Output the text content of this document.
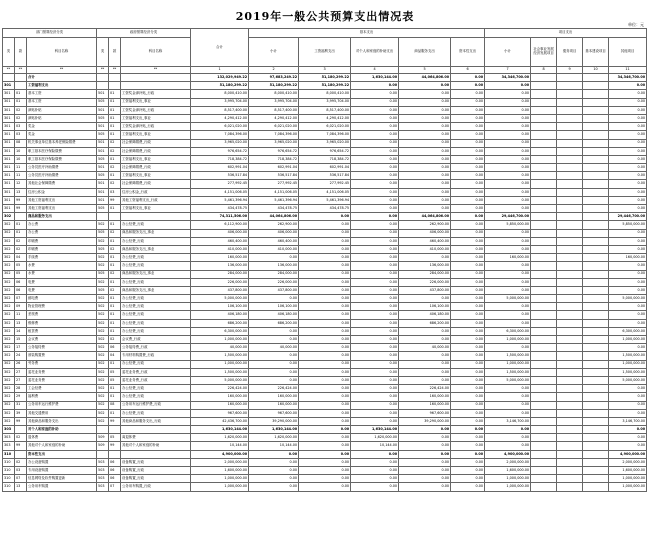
2019年一般公共预算支出情况表
单位：元
部门预算经济分类			政府预算经济分类			合计	基本支出					项目支出				
类	款	科目名称	类	款	科目名称		小计	工资福利支出	对个人和家庭的补助支出	商品服务支出	资本性支出	小计	社会事业发展经济发展项目	债务项目	基本建设项目	其他项目
**	**	**	**	**	**	1	2	3	4	5	6	7	8	9	10	11
		合计				132,029,949.22	97,683,249.22	51,180,299.22	1,630,144.00	44,064,806.00	0.00	34,346,700.00				34,346,700.00
301		工资福利支出				51,180,299.22	51,180,299.22	51,180,299.22	0.00	0.00	0.00	0.00				0.00
301	01	基本工资	501	01	工资奖金津补贴_行政	8,000,410.00	8,000,410.00	8,000,410.00	0.00	0.00	0.00	0.00				0.00
301	01	基本工资	505	01	工资福利支出_事业	3,995,704.00	3,995,704.00	3,995,704.00	0.00	0.00	0.00	0.00				0.00
301	02	津贴补贴	501	01	工资奖金津补贴_行政	8,517,400.00	8,517,400.00	8,517,400.00	0.00	0.00	0.00	0.00				0.00
301	02	津贴补贴	505	01	工资福利支出_事业	4,290,412.00	4,290,412.00	4,290,412.00	0.00	0.00	0.00	0.00				0.00
301	03	奖金	501	01	工资奖金津补贴_行政	6,021,020.00	6,021,020.00	6,021,020.00	0.00	0.00	0.00	0.00				0.00
301	03	奖金	505	01	工资福利支出_事业	7,084,396.00	7,084,396.00	7,084,396.00	0.00	0.00	0.00	0.00				0.00
301	08	机关事业单位基本养老保险缴费	501	02	社会保障缴费_行政	3,965,020.00	3,965,020.00	3,965,020.00	0.00	0.00	0.00	0.00				0.00
301	10	职工基本医疗保险缴费	501	02	社会保障缴费_行政	976,654.72	976,654.72	976,654.72	0.00	0.00	0.00	0.00				0.00
301	10	职工基本医疗保险缴费	505	01	工资福利支出_事业	718,384.72	718,384.72	718,384.72	0.00	0.00	0.00	0.00				0.00
301	11	公务员医疗补助缴费	501	02	社会保障缴费_行政	602,991.04	602,991.04	602,991.04	0.00	0.00	0.00	0.00				0.00
301	11	公务员医疗补助缴费	505	01	工资福利支出_事业	536,517.84	536,517.84	536,517.84	0.00	0.00	0.00	0.00				0.00
301	12	其他社会保障缴费	501	02	社会保障缴费_行政	277,992.45	277,992.45	277,992.45	0.00	0.00	0.00	0.00				0.00
301	13	住房公积金	501	03	住房公积金_行政	4,151,006.05	4,151,006.05	4,151,006.05	0.00	0.00	0.00	0.00				0.00
301	99	其他工资福利支出	501	99	其他工资福利支出_行政	5,461,396.94	5,461,396.94	5,461,396.94	0.00	0.00	0.00	0.00				0.00
301	99	其他工资福利支出	505	01	工资福利支出_事业	434,478.75	434,478.75	434,478.75	0.00	0.00	0.00	0.00				0.00
302		商品和服务支出				74,311,506.00	44,064,806.00	0.00	0.00	44,064,806.00	0.00	29,446,700.00				29,446,700.00
302	01	办公费	502	01	办公经费_行政	6,112,900.00	262,900.00	0.00	0.00	262,900.00	0.00	5,850,000.00				5,850,000.00
302	01	办公费	505	02	商品和服务支出_事业	406,000.00	406,000.00	0.00	0.00	406,000.00	0.00	0.00				0.00
302	02	印刷费	502	01	办公经费_行政	460,400.00	460,400.00	0.00	0.00	460,400.00	0.00	0.00				0.00
302	02	印刷费	505	02	商品和服务支出_事业	410,000.00	410,000.00	0.00	0.00	410,000.00	0.00	0.00				0.00
302	04	手续费	502	01	办公经费_行政	160,000.00	0.00	0.00	0.00	0.00	0.00	160,000.00				160,000.00
302	05	水费	502	01	办公经费_行政	136,000.00	136,000.00	0.00	0.00	136,000.00	0.00	0.00				0.00
302	05	水费	505	02	商品和服务支出_事业	284,000.00	284,000.00	0.00	0.00	284,000.00	0.00	0.00				0.00
302	06	电费	502	01	办公经费_行政	226,000.00	226,000.00	0.00	0.00	226,000.00	0.00	0.00				0.00
302	06	电费	505	02	商品和服务支出_事业	437,800.00	437,800.00	0.00	0.00	437,800.00	0.00	0.00				0.00
302	07	邮电费	502	01	办公经费_行政	5,000,000.00	0.00	0.00	0.00	0.00	0.00	5,000,000.00				5,000,000.00
302	09	物业管理费	502	01	办公经费_行政	106,100.00	106,100.00	0.00	0.00	106,100.00	0.00	0.00				0.00
302	11	差旅费	502	01	办公经费_行政	406,180.00	406,180.00	0.00	0.00	406,180.00	0.00	0.00				0.00
302	13	维修费	502	01	办公经费_行政	686,200.00	686,200.00	0.00	0.00	686,200.00	0.00	0.00				0.00
302	14	租赁费	502	01	办公经费_行政	6,300,000.00	0.00	0.00	0.00	0.00	0.00	6,300,000.00				6,300,000.00
302	15	会议费	502	02	会议费_行政	1,000,000.00	0.00	0.00	0.00	0.00	0.00	1,000,000.00				1,000,000.00
302	17	公务接待费	502	06	公务接待费_行政	40,000.00	40,000.00	0.00	0.00	40,000.00	0.00	0.00				0.00
302	24	被装购置费	502	04	专用材料购置费_行政	1,500,000.00	0.00	0.00	0.00	0.00	0.00	1,500,000.00				1,500,000.00
302	26	劳务费	502	01	办公经费_行政	1,000,000.00	0.00	0.00	0.00	0.00	0.00	1,000,000.00				1,000,000.00
302	27	委托业务费	502	05	委托业务费_行政	1,500,000.00	0.00	0.00	0.00	0.00	0.00	1,500,000.00				1,500,000.00
302	27	委托业务费	502	05	委托业务费_行政	5,000,000.00	0.00	0.00	0.00	0.00	0.00	5,000,000.00				5,000,000.00
302	28	工会经费	502	01	办公经费_行政	226,424.00	226,424.00	0.00	0.00	226,424.00	0.00	0.00				0.00
302	29	福利费	502	01	办公经费_行政	160,000.00	160,000.00	0.00	0.00	160,000.00	0.00	0.00				0.00
302	31	公务用车运行维护费	502	08	公务用车运行维护费_行政	160,000.00	160,000.00	0.00	0.00	160,000.00	0.00	0.00				0.00
302	39	其他交通费用	502	01	办公经费_行政	967,600.00	967,600.00	0.00	0.00	967,600.00	0.00	0.00				0.00
302	99	其他商品和服务支出	502	99	其他商品和服务支出_行政	42,436,700.00	39,290,000.00	0.00	0.00	39,290,000.00	0.00	3,146,700.00				3,146,700.00
303		对个人和家庭的补助				1,630,144.00	1,630,144.00	0.00	1,630,144.00	0.00	0.00	0.00				0.00
303	02	退休费	509	05	离退休费	1,620,000.00	1,620,000.00	0.00	1,620,000.00	0.00	0.00	0.00				0.00
303	99	其他对个人和家庭的补助	509	99	其他对个人和家庭的补助	10,144.00	10,144.00	0.00	10,144.00	0.00	0.00	0.00				0.00
310		资本性支出				4,900,000.00	0.00	0.00	0.00	0.00	0.00	4,900,000.00				4,900,000.00
310	02	办公设备购置	503	06	设备购置_行政	2,000,000.00	0.00	0.00	0.00	0.00	0.00	2,000,000.00				2,000,000.00
310	03	专用设备购置	503	06	设备购置_行政	1,600,000.00	0.00	0.00	0.00	0.00	0.00	1,600,000.00				1,600,000.00
310	07	信息网络及软件购置更新	503	06	设备购置_行政	1,000,000.00	0.00	0.00	0.00	0.00	0.00	1,000,000.00				1,000,000.00
310	13	公务用车购置	503	07	公务用车购置_行政	1,000,000.00	0.00	0.00	0.00	0.00	0.00	1,000,000.00				1,000,000.00
